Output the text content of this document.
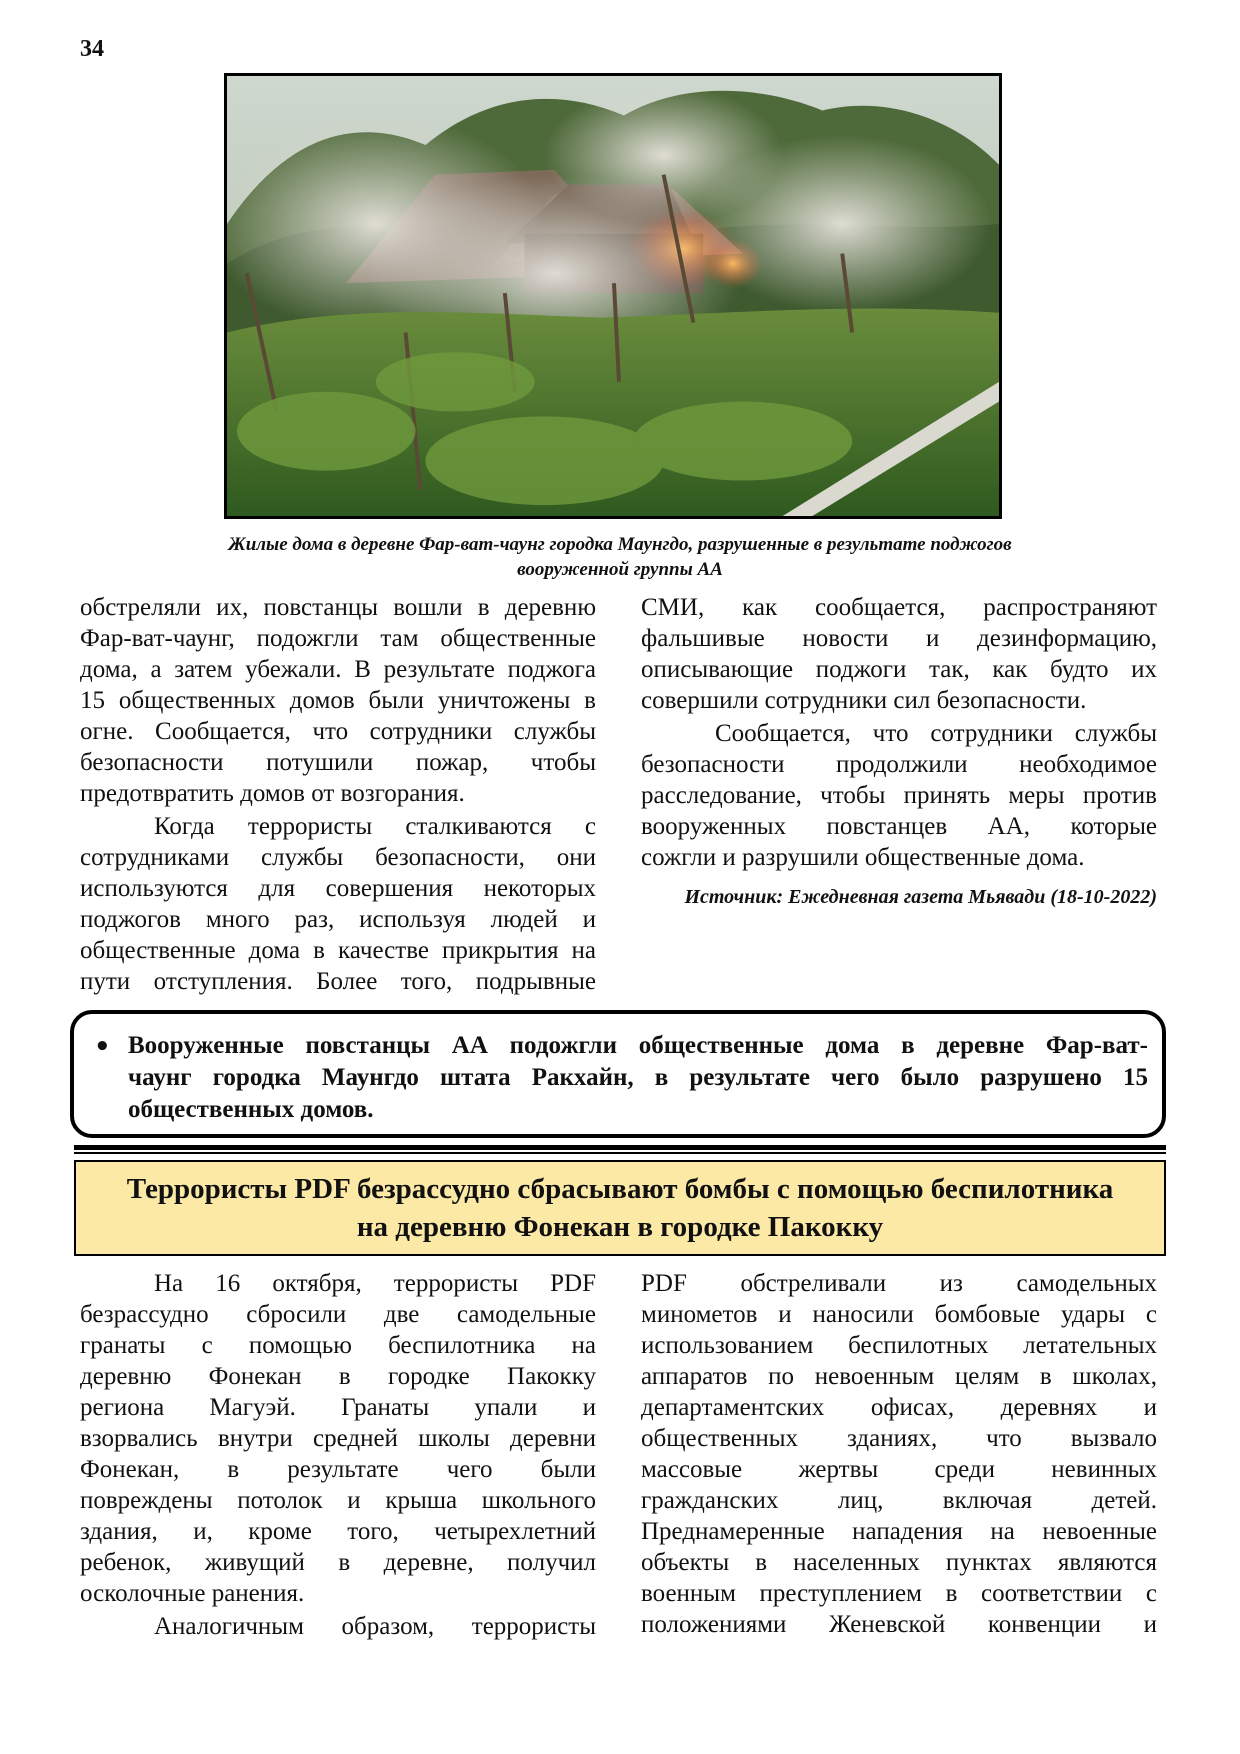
34
Жилые дома в деревне Фар-ват-чаунг городка Маунгдо, разрушенные в результате поджогов
вооруженной группы АА
обстреляли их, повстанцы вошли в деревню
Фар-ват-чаунг, подожгли там общественные
дома, а затем убежали. В результате поджога
15 общественных домов были уничтожены в
огне. Сообщается, что сотрудники службы
безопасности потушили пожар, чтобы
предотвратить домов от возгорания.
Когда террористы сталкиваются с
сотрудниками службы безопасности, они
используются для совершения некоторых
поджогов много раз, используя людей и
общественные дома в качестве прикрытия на
пути отступления. Более того, подрывные
СМИ, как сообщается, распространяют
фальшивые новости и дезинформацию,
описывающие поджоги так, как будто их
совершили сотрудники сил безопасности.
Сообщается, что сотрудники службы
безопасности продолжили необходимое
расследование, чтобы принять меры против
вооруженных повстанцев АА, которые
сожгли и разрушили общественные дома.
Источник: Ежедневная газета Мьявади (18-10-2022)
• Вооруженные повстанцы АА подожгли общественные дома в деревне Фар-ват-
чаунг городка Маунгдо штата Ракхайн, в результате чего было разрушено 15
общественных домов.
Террористы PDF безрассудно сбрасывают бомбы с помощью беспилотника
на деревню Фонекан в городке Пакокку
На 16 октября, террористы PDF
безрассудно сбросили две самодельные
гранаты с помощью беспилотника на
деревню Фонекан в городке Пакокку
региона Магуэй. Гранаты упали и
взорвались внутри средней школы деревни
Фонекан, в результате чего были
повреждены потолок и крыша школьного
здания, и, кроме того, четырехлетний
ребенок, живущий в деревне, получил
осколочные ранения.
Аналогичным образом, террористы
PDF обстреливали из самодельных
минометов и наносили бомбовые удары с
использованием беспилотных летательных
аппаратов по невоенным целям в школах,
департаментских офисах, деревнях и
общественных зданиях, что вызвало
массовые жертвы среди невинных
гражданских лиц, включая детей.
Преднамеренные нападения на невоенные
объекты в населенных пунктах являются
военным преступлением в соответствии с
положениями Женевской конвенции и
